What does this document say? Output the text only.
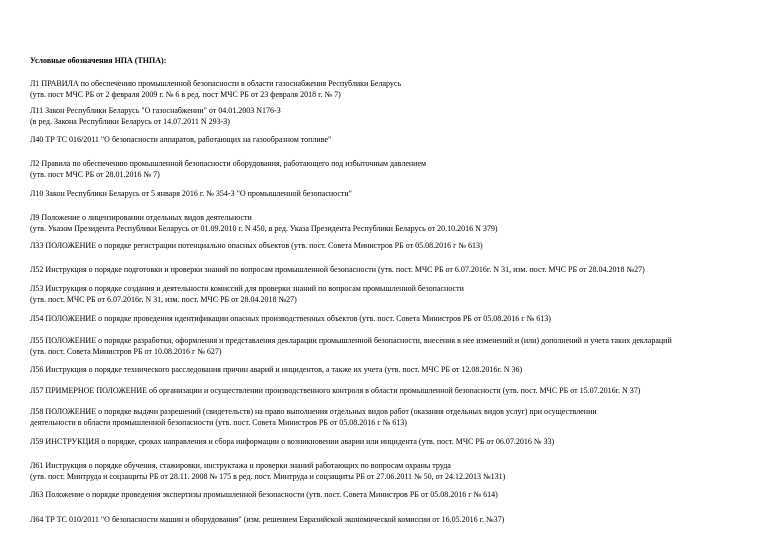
Условные обозначения НПА (ТНПА):
Л1 ПРАВИЛА по обеспечению промышленной безопасности в области газоснабжения Республики Беларусь
(утв. пост МЧС РБ от 2 февраля 2009 г. № 6 в ред. пост МЧС РБ от 23 февраля 2018 г. № 7)
Л11 Закон Республики Беларусь "О газоснабжении" от 04.01.2003 N176-З
(в ред. Закона Республики Беларусь от 14.07.2011 N 293-З)
Л40 ТР ТС 016/2011 "О безопасности аппаратов, работающих на газообразном топливе"
Л2 Правила по обеспечению промышленной безопасности оборудования, работающего под избыточным давлением
(утв. пост МЧС РБ от 28.01.2016 № 7)
Л10 Закон Республики Беларусь от 5 января 2016 г. № 354-З "О промышленной безопасности"
Л9 Положение о лицензировании отдельных видов деятельности
(утв. Указом Президента Республики Беларусь от 01.09.2010 г. N 450, в ред. Указа Президента Республики Беларусь от 20.10.2016 N 379)
Л33 ПОЛОЖЕНИЕ о порядке регистрации потенциально опасных объектов (утв. пост. Совета Министров РБ от 05.08.2016 г № 613)
Л52 Инструкция о порядке подготовки и проверки знаний по вопросам промышленной безопасности (утв. пост. МЧС РБ от 6.07.2016г. N 31, изм. пост. МЧС РБ от 28.04.2018 №27)
Л53 Инструкция о порядке создания и деятельности комиссий для проверки знаний по вопросам промышленной безопасности
(утв. пост. МЧС РБ от 6.07.2016г. N 31, изм. пост. МЧС РБ от 28.04.2018 №27)
Л54 ПОЛОЖЕНИЕ о порядке проведения идентификации опасных производственных объектов (утв. пост. Совета Министров РБ от 05.08.2016 г № 613)
Л55 ПОЛОЖЕНИЕ о порядке разработки, оформления и представления декларации промышленной безопасности, внесения в нее изменений и (или) дополнений и учета таких деклараций
(утв. пост. Совета Министров РБ от 10.08.2016 г № 627)
Л56 Инструкция о порядке технического расследования причин аварий и инцидентов, а также их учета (утв. пост. МЧС РБ от 12.08.2016г. N 36)
Л57 ПРИМЕРНОЕ ПОЛОЖЕНИЕ об организации и осуществлении производственного контроля в области промышленной безопасности (утв. пост. МЧС РБ от 15.07.2016г. N 37)
Л58 ПОЛОЖЕНИЕ о порядке выдачи разрешений (свидетельств) на право выполнения отдельных видов работ (оказания отдельных видов услуг) при осуществлении
деятельности в области промышленной безопасности (утв. пост. Совета Министров РБ от 05.08.2016 г № 613)
Л59 ИНСТРУКЦИЯ о порядке, сроках направления и сбора информации о возникновении аварии или инцидента (утв. пост. МЧС РБ от 06.07.2016 № 33)
Л61 Инструкция о порядке обучения, стажировки, инструктажа и проверки знаний работающих по вопросам охраны труда
(утв. пост. Минтруда и соцзащиты РБ от 28.11. 2008 № 175 в ред. пост. Минтруда и соцзащиты РБ от 27.06.2011 № 50, от 24.12.2013 №131)
Л63 Положение о порядке проведения экспертизы промышленной безопасности (утв. пост. Совета Министров РБ от 05.08.2016 г № 614)
Л64 ТР ТС 010/2011 "О безопасности машин и оборудования" (изм. решением Евразийской экономической комиссии от 16.05.2016 г. №37)
